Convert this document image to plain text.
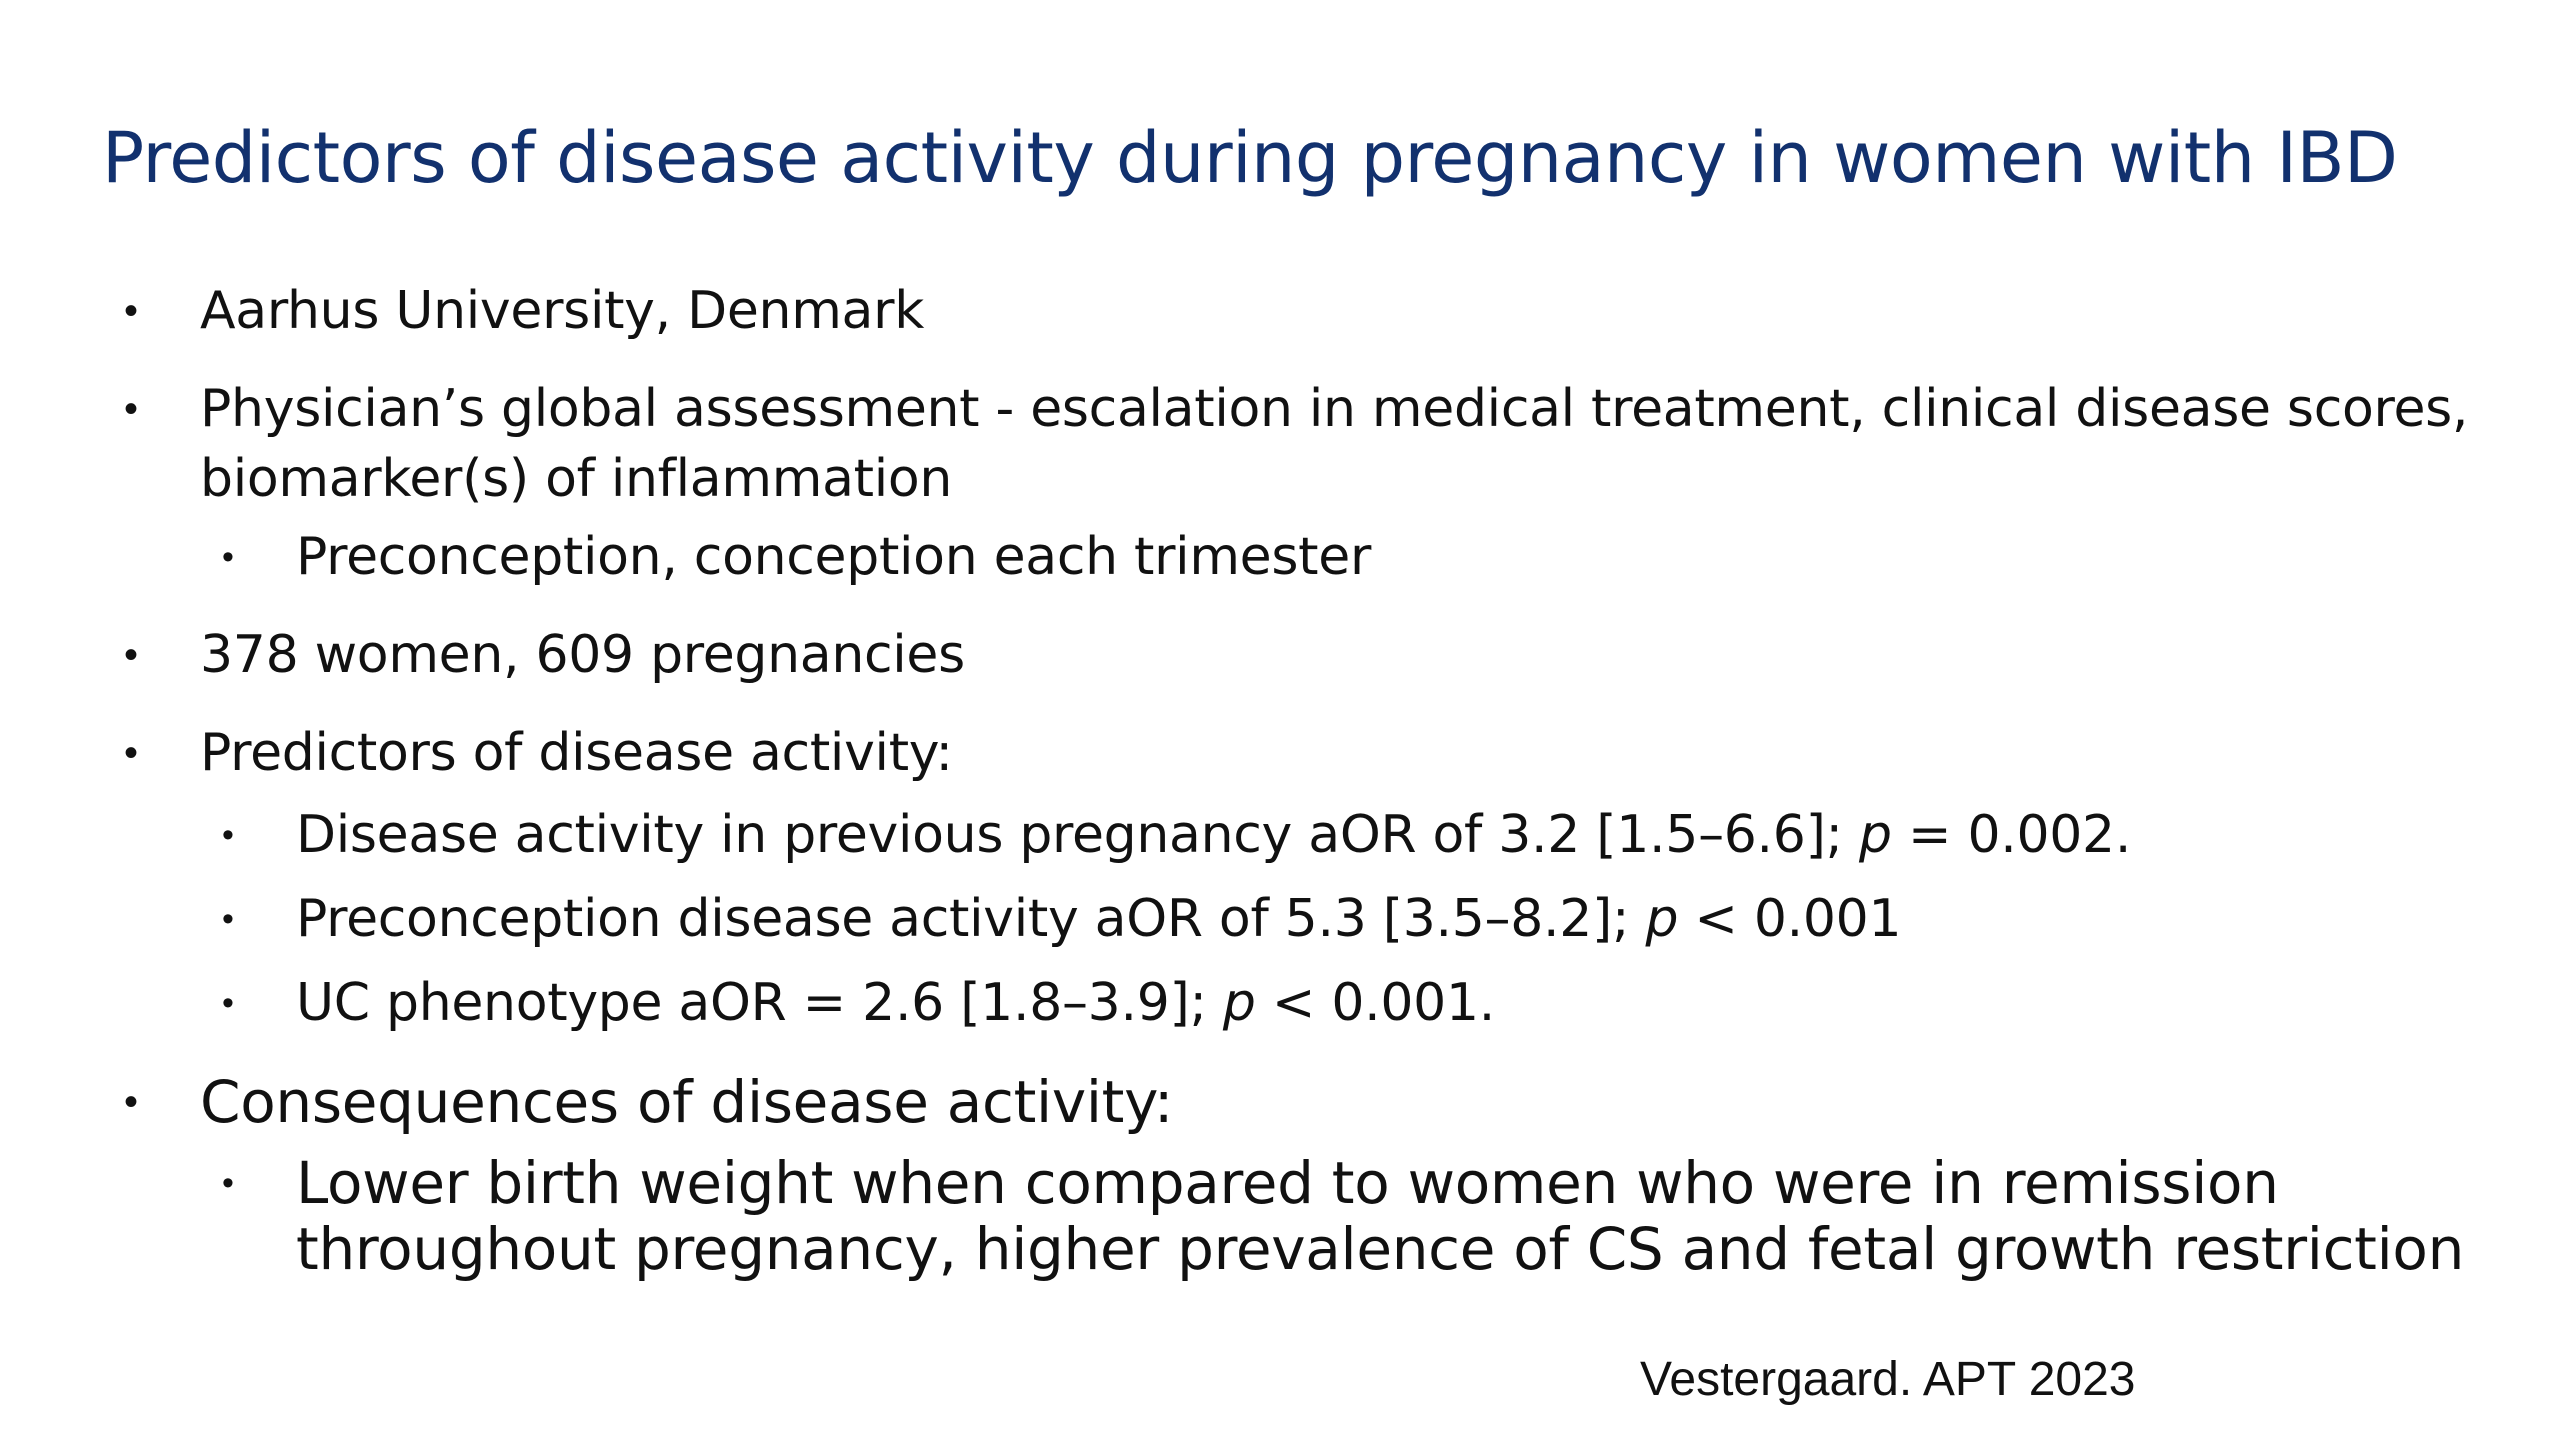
Predictors of disease activity during pregnancy in women with IBD
• Aarhus University, Denmark
• Physician’s global assessment - escalation in medical treatment, clinical disease scores, biomarker(s) of inflammation
• Preconception, conception each trimester
• 378 women, 609 pregnancies
• Predictors of disease activity:
• Disease activity in previous pregnancy aOR of 3.2 [1.5–6.6]; p = 0.002.
• Preconception disease activity aOR of 5.3 [3.5–8.2]; p < 0.001
• UC phenotype aOR = 2.6 [1.8–3.9]; p < 0.001.
• Consequences of disease activity:
• Lower birth weight when compared to women who were in remission throughout pregnancy, higher prevalence of CS and fetal growth restriction
Vestergaard. APT 2023
